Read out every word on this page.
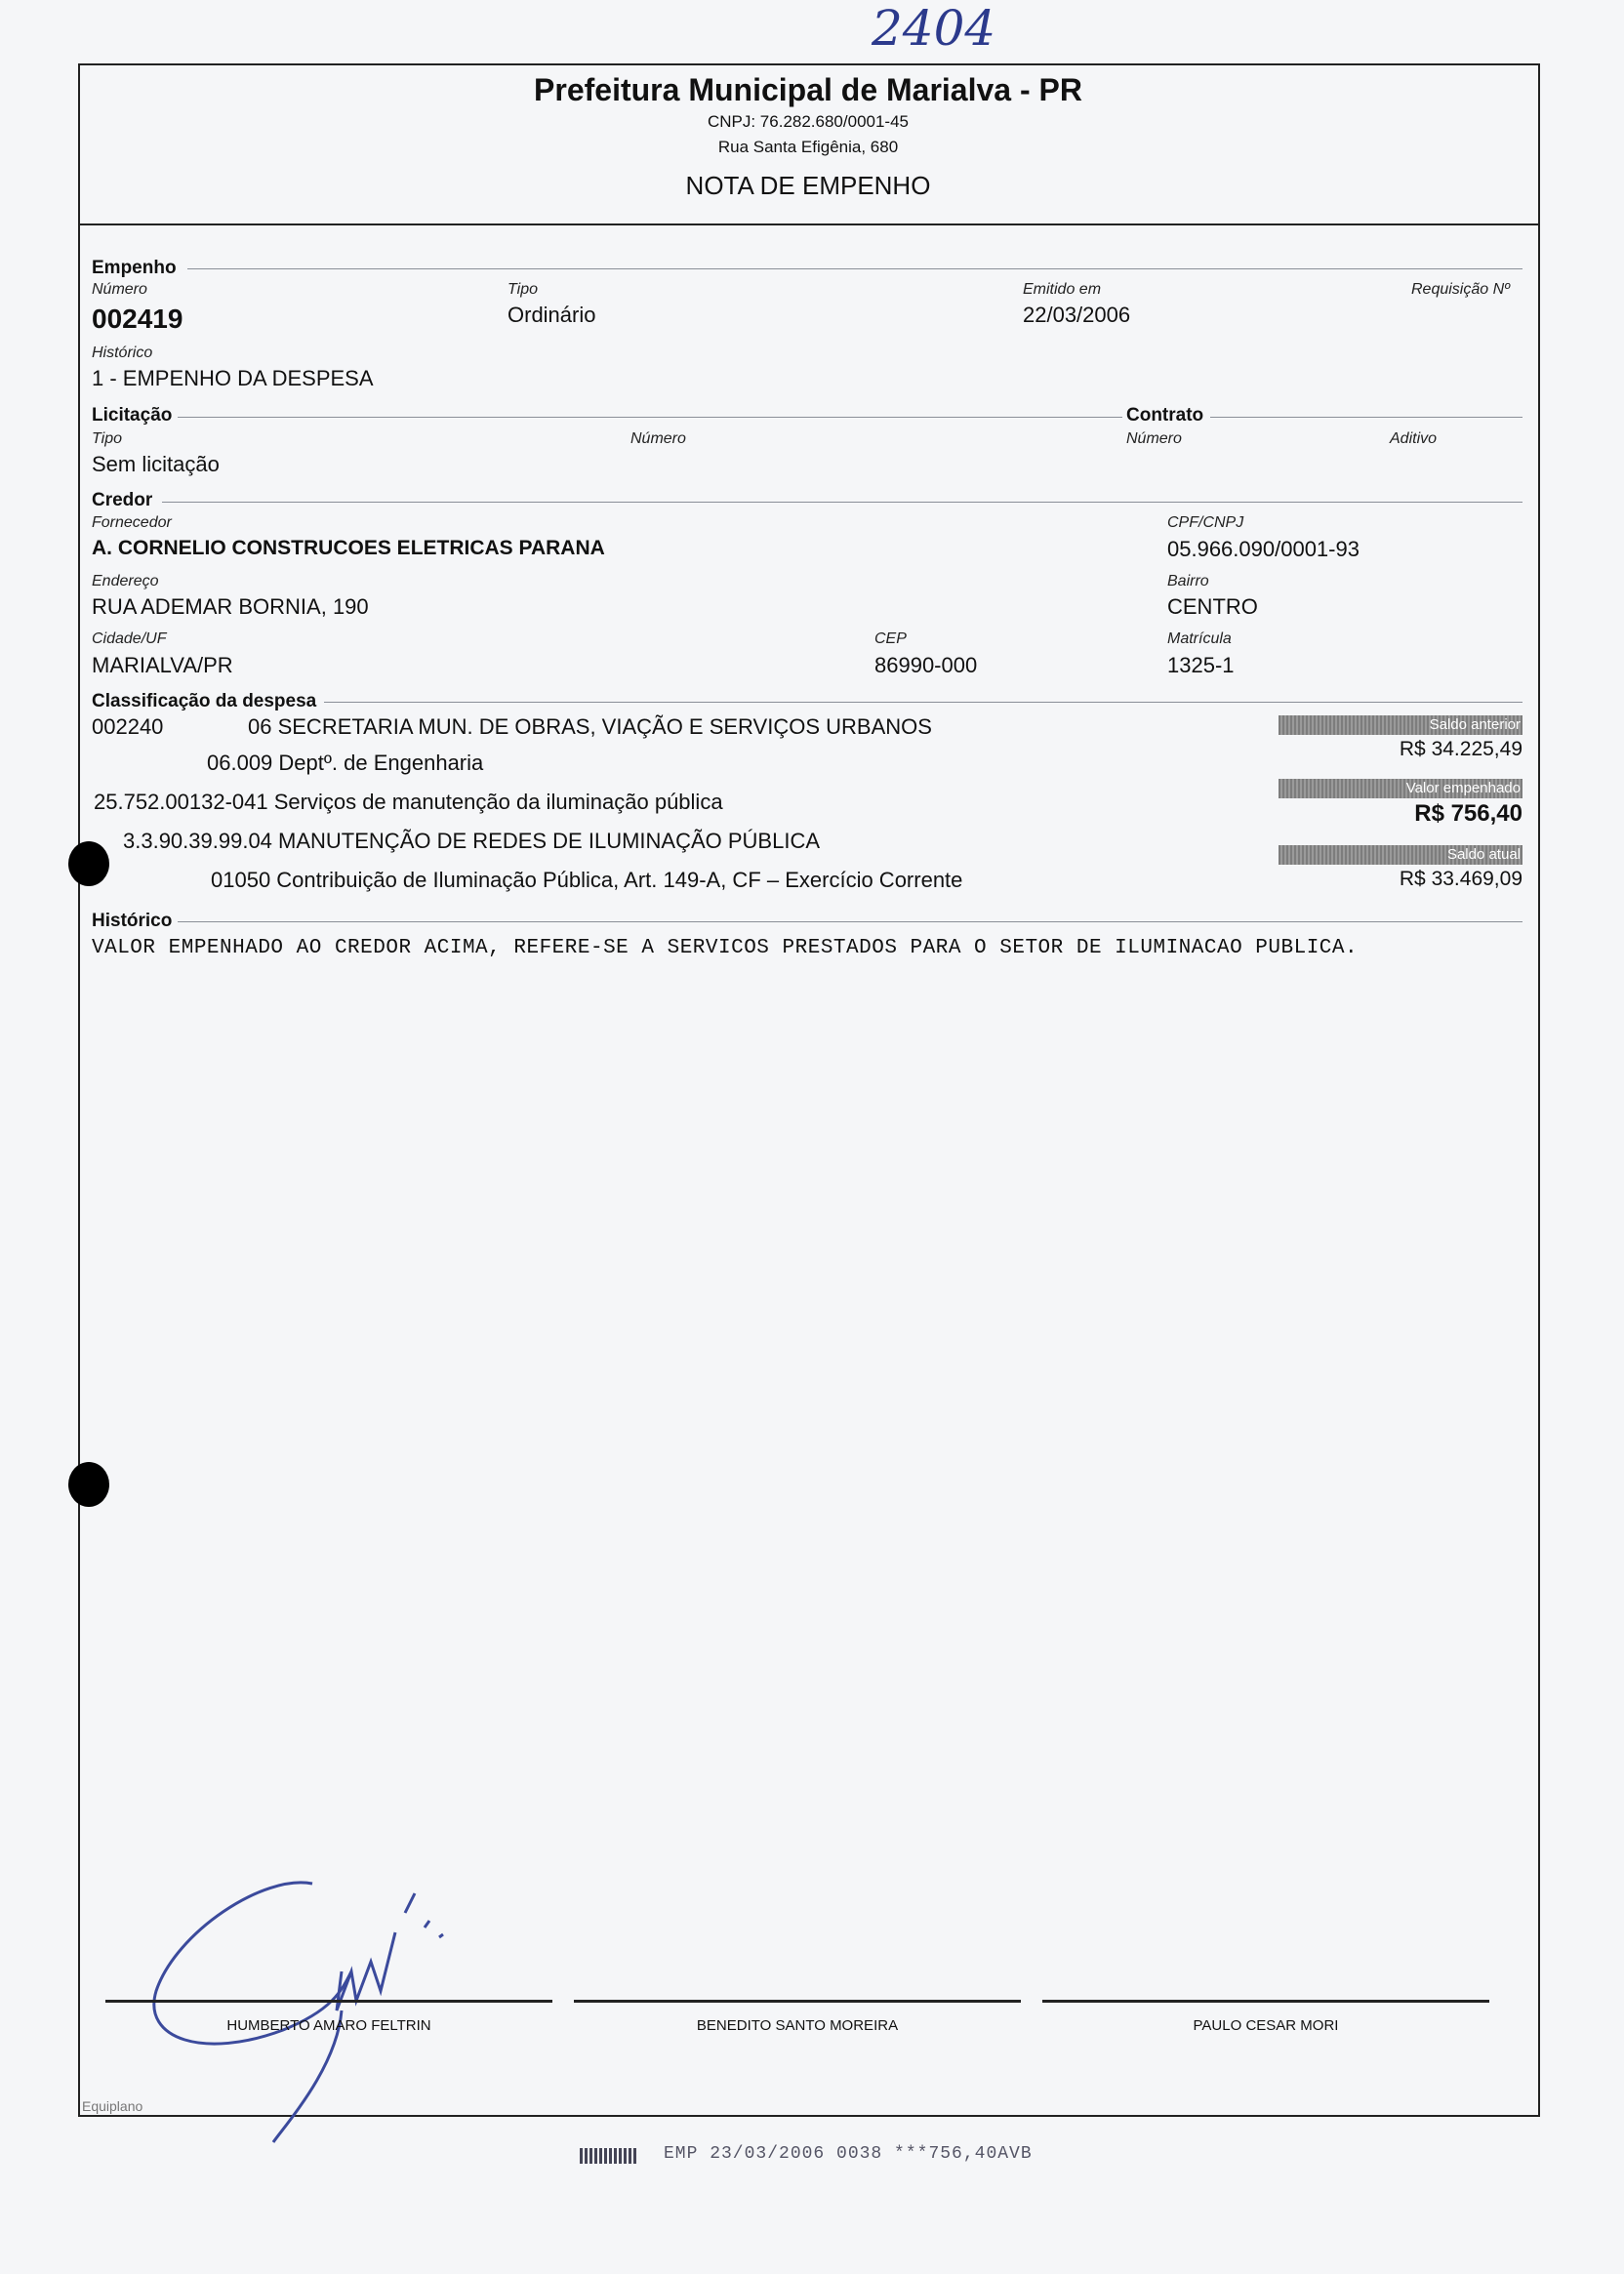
2404
Prefeitura Municipal de Marialva - PR
CNPJ: 76.282.680/0001-45
Rua Santa Efigênia, 680
NOTA DE EMPENHO
Empenho
Número
002419
Tipo
Ordinário
Emitido em
22/03/2006
Requisição Nº
Histórico
1 - EMPENHO DA DESPESA
Licitação	Contrato
Tipo
Sem licitação
Número	Número	Aditivo
Credor
Fornecedor
A. CORNELIO CONSTRUCOES ELETRICAS PARANA
CPF/CNPJ
05.966.090/0001-93
Endereço
RUA ADEMAR BORNIA, 190
Bairro
CENTRO
Cidade/UF
MARIALVA/PR
CEP
86990-000
Matrícula
1325-1
Classificação da despesa
002240	06 SECRETARIA MUN. DE OBRAS, VIAÇÃO E SERVIÇOS URBANOS
06.009 Deptº. de Engenharia
25.752.00132-041 Serviços de manutenção da iluminação pública
3.3.90.39.99.04 MANUTENÇÃO DE REDES DE ILUMINAÇÃO PÚBLICA
01050 Contribuição de Iluminação Pública, Art. 149-A, CF – Exercício Corrente
Saldo anterior
R$ 34.225,49
Valor empenhado
R$ 756,40
Saldo atual
R$ 33.469,09
Histórico
VALOR EMPENHADO AO CREDOR ACIMA, REFERE-SE A SERVICOS PRESTADOS PARA O SETOR DE ILUMINACAO PUBLICA.
HUMBERTO AMARO FELTRIN	BENEDITO SANTO MOREIRA	PAULO CESAR MORI
Equiplano
EMP 23/03/2006 0038 ***756,40AVB
